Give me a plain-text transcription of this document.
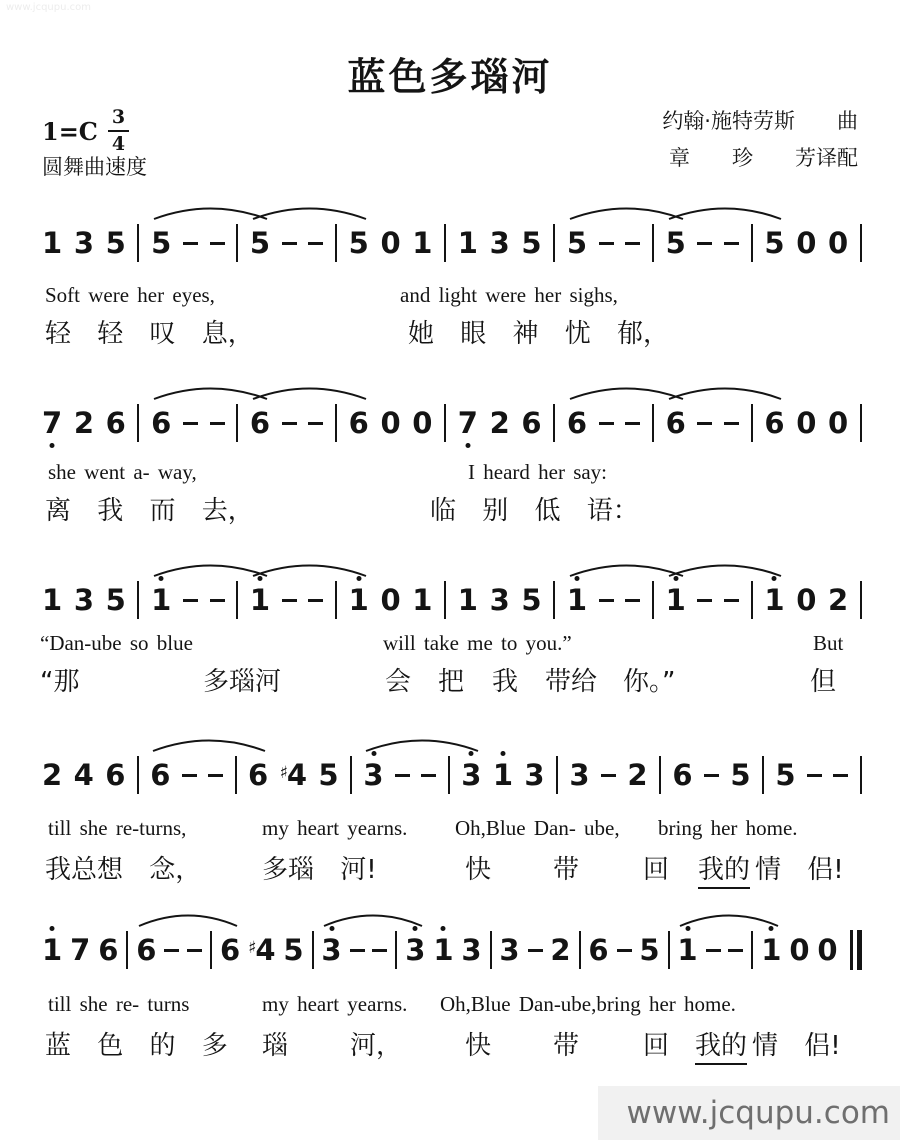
www.jcqupu.com
蓝色多瑙河
约翰·施特劳斯　　曲
章　　珍　　芳译配
$1=C \frac{3}{4}$
圆舞曲速度
1 3 5 5	5	5 0 1 1 3 5 5	5	5 0 0
Soft were her eyes,	and light were her sighs,
轻 轻 叹 息，	她 眼 神 忧 郁，
7 2 6 6	6	6 0 0 7 2 6 6	6	6 0 0
she went a- way,	I heard her say:
离 我 而 去，	临 别 低 语：
1 3 5 1	1	1 0 1 1 3 5 1	1	1 0 2
“Dan-ube so blue	will take me to you.”	But
“那	多瑙河	会 把 我 带给 你。”	但
2 4 6 6	6 ♯4 5 3	3 1 3 3 2 6 5 5
till she re-turns,	my heart yearns. Oh,Blue Dan- ube, bring her home.
我总想 念， 多瑙 河!	快 带 回 我的 情 侣!
1 7 6 6 6 ♯4 5 3 3 1 3 3 2 6 5 1 1 0 0
till she re- turns	my heart yearns. Oh,Blue Dan-ube,bring her home.
蓝 色 的 多 瑙 河， 快 带 回 我的 情 侣!
www.jcqupu.com
